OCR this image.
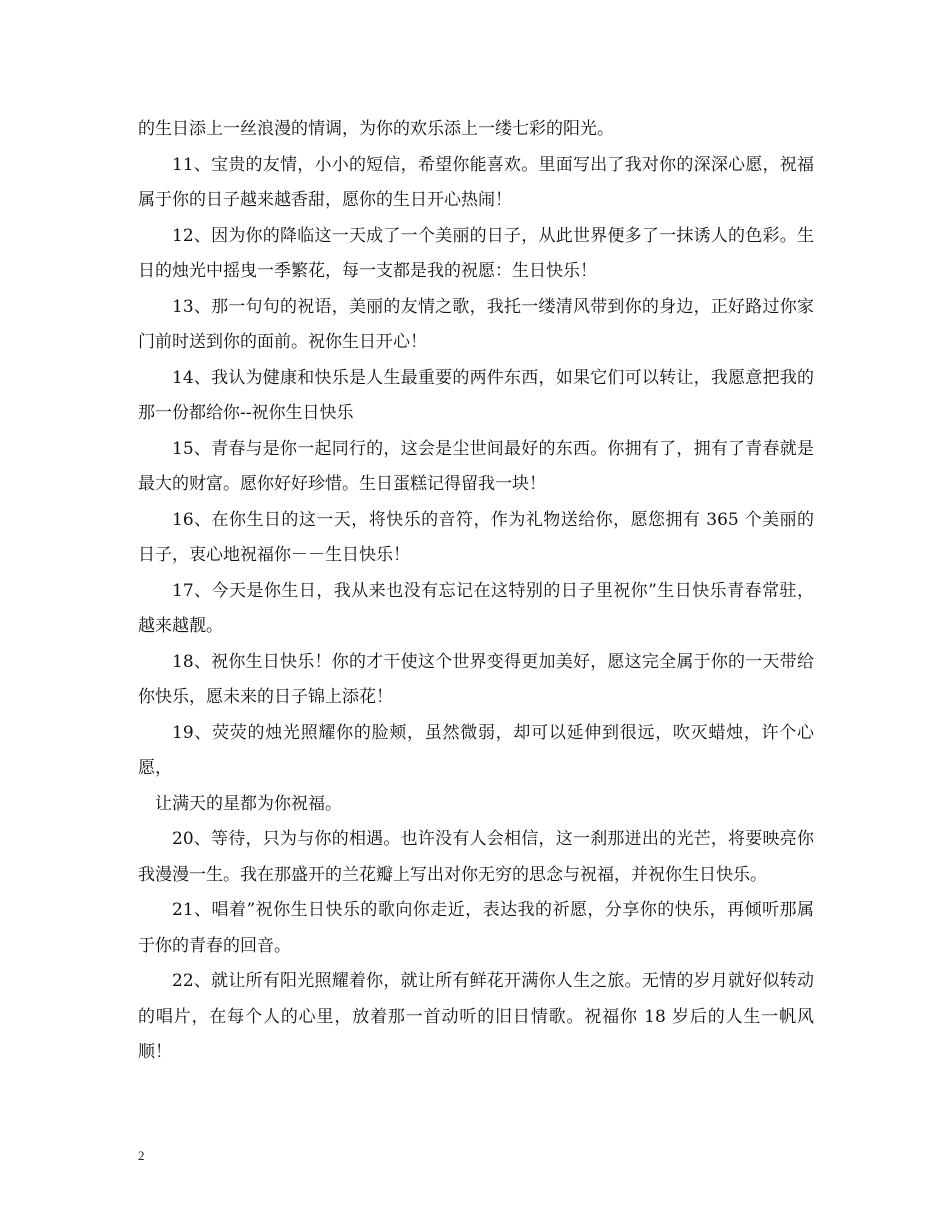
的生日添上一丝浪漫的情调，为你的欢乐添上一缕七彩的阳光。

11、宝贵的友情，小小的短信，希望你能喜欢。里面写出了我对你的深深心愿，祝福属于你的日子越来越香甜，愿你的生日开心热闹！

12、因为你的降临这一天成了一个美丽的日子，从此世界便多了一抹诱人的色彩。生日的烛光中摇曳一季繁花，每一支都是我的祝愿：生日快乐！

13、那一句句的祝语，美丽的友情之歌，我托一缕清风带到你的身边，正好路过你家门前时送到你的面前。祝你生日开心！

14、我认为健康和快乐是人生最重要的两件东西，如果它们可以转让，我愿意把我的那一份都给你--祝你生日快乐

15、青春与是你一起同行的，这会是尘世间最好的东西。你拥有了，拥有了青春就是最大的财富。愿你好好珍惜。生日蛋糕记得留我一块！

16、在你生日的这一天，将快乐的音符，作为礼物送给你，愿您拥有 365 个美丽的日子，衷心地祝福你－－生日快乐！

17、今天是你生日，我从来也没有忘记在这特别的日子里祝你”生日快乐青春常驻，越来越靓。

18、祝你生日快乐！你的才干使这个世界变得更加美好，愿这完全属于你的一天带给你快乐，愿未来的日子锦上添花！

19、荧荧的烛光照耀你的脸颊，虽然微弱，却可以延伸到很远，吹灭蜡烛，许个心愿，

让满天的星都为你祝福。

20、等待，只为与你的相遇。也许没有人会相信，这一刹那迸出的光芒，将要映亮你我漫漫一生。我在那盛开的兰花瓣上写出对你无穷的思念与祝福，并祝你生日快乐。

21、唱着”祝你生日快乐的歌向你走近，表达我的祈愿，分享你的快乐，再倾听那属于你的青春的回音。

22、就让所有阳光照耀着你，就让所有鲜花开满你人生之旅。无情的岁月就好似转动的唱片，在每个人的心里，放着那一首动听的旧日情歌。祝福你 18 岁后的人生一帆风顺！

2
